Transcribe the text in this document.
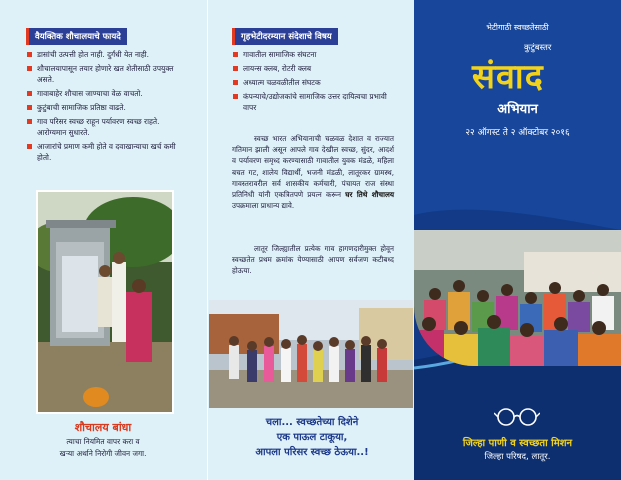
वैयक्तिक शौचालयाचे फायदे
डासांची उत्पत्ती होत नाही. दुर्गंधी येत नाही.
शौचालयापासून तयार होणारे खत शेतीसाठी उपयुक्त असते.
गावाबाहेर शौचास जाण्याचा वेळ वाचतो.
कुटुंबाची सामाजिक प्रतिष्ठा वाढते.
गाव परिसर स्वच्छ राहून पर्यावरण स्वच्छ राहते. आरोग्यमान सुधारते.
आजारांचे प्रमाण कमी होते व दवाखान्याचा खर्च कमी होतो.
शौचालय बांधा
त्याचा नियमित वापर करा व
खऱ्या अर्थाने निरोगी जीवन जगा.
गृहभेटीदरम्यान संदेशाचे विषय
गावातील सामाजिक संघटना
लायन्स क्लब, रोटरी क्लब
अध्यात्म चळवळीतील संघटक
कंपन्याचे/उद्योजकांचे सामाजिक उत्तर दायित्वचा प्रभावी वापर

स्वच्छ भारत अभियानाची चळवळ देशात व राज्यात गतिमान झाली असून आपले गाव देखील स्वच्छ, सुंदर, आदर्श व पर्यावरण समृध्द करण्यासाठी गावातील युवक मंडळे, महिला बचत गट, शालेय विद्यार्थी, भजनी मंडळी, लातूरकर ग्रामस्थ, गावस्तरावरील सर्व शासकीय कर्मचारी, पंचायत राज संस्था प्रतिनिधी यांनी एकत्रितपणे प्रयत्न करून घर तिथे शौचालय उपक्रमाला प्राधान्य द्यावे.

लातूर जिल्ह्यातील प्रत्येक गाव हागणदारीमुक्त होवून स्वच्छतेत प्रथम क्रमांक येण्यासाठी आपण सर्वजण कटीबध्द होऊया.

चला... स्वच्छतेच्या दिशेने
एक पाऊल टाकूया,
आपला परिसर स्वच्छ ठेऊया..!
भेटीगाठी स्वच्छतेसाठी
कुटुंबस्तर
संवाद
अभियान
२२ ऑगस्ट ते २ ऑक्टोबर २०१६
जिल्हा पाणी व स्वच्छता मिशन
जिल्हा परिषद, लातूर.
